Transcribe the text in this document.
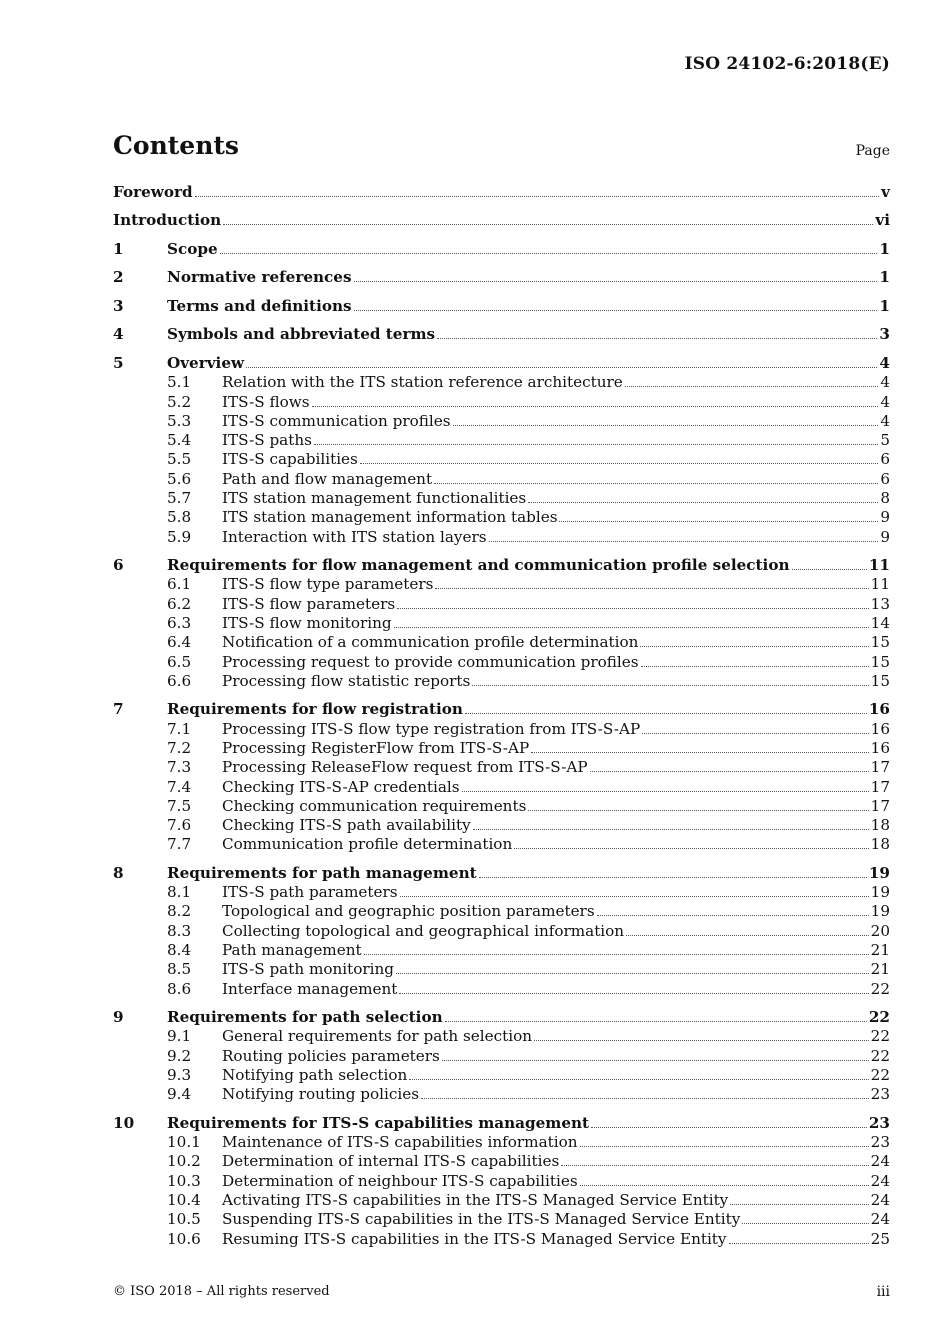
ISO 24102-6:2018(E)
Contents	Page
Foreword	v
Introduction	vi
1	Scope	1
2	Normative references	1
3	Terms and definitions	1
4	Symbols and abbreviated terms	3
5	Overview	4
5.1	Relation with the ITS station reference architecture	4
5.2	ITS-S flows	4
5.3	ITS-S communication profiles	4
5.4	ITS-S paths	5
5.5	ITS-S capabilities	6
5.6	Path and flow management	6
5.7	ITS station management functionalities	8
5.8	ITS station management information tables	9
5.9	Interaction with ITS station layers	9
6	Requirements for flow management and communication profile selection	11
6.1	ITS-S flow type parameters	11
6.2	ITS-S flow parameters	13
6.3	ITS-S flow monitoring	14
6.4	Notification of a communication profile determination	15
6.5	Processing request to provide communication profiles	15
6.6	Processing flow statistic reports	15
7	Requirements for flow registration	16
7.1	Processing ITS-S flow type registration from ITS-S-AP	16
7.2	Processing RegisterFlow from ITS-S-AP	16
7.3	Processing ReleaseFlow request from ITS-S-AP	17
7.4	Checking ITS-S-AP credentials	17
7.5	Checking communication requirements	17
7.6	Checking ITS-S path availability	18
7.7	Communication profile determination	18
8	Requirements for path management	19
8.1	ITS-S path parameters	19
8.2	Topological and geographic position parameters	19
8.3	Collecting topological and geographical information	20
8.4	Path management	21
8.5	ITS-S path monitoring	21
8.6	Interface management	22
9	Requirements for path selection	22
9.1	General requirements for path selection	22
9.2	Routing policies parameters	22
9.3	Notifying path selection	22
9.4	Notifying routing policies	23
10	Requirements for ITS-S capabilities management	23
10.1	Maintenance of ITS-S capabilities information	23
10.2	Determination of internal ITS-S capabilities	24
10.3	Determination of neighbour ITS-S capabilities	24
10.4	Activating ITS-S capabilities in the ITS-S Managed Service Entity	24
10.5	Suspending ITS-S capabilities in the ITS-S Managed Service Entity	24
10.6	Resuming ITS-S capabilities in the ITS-S Managed Service Entity	25
© ISO 2018 – All rights reserved	iii
